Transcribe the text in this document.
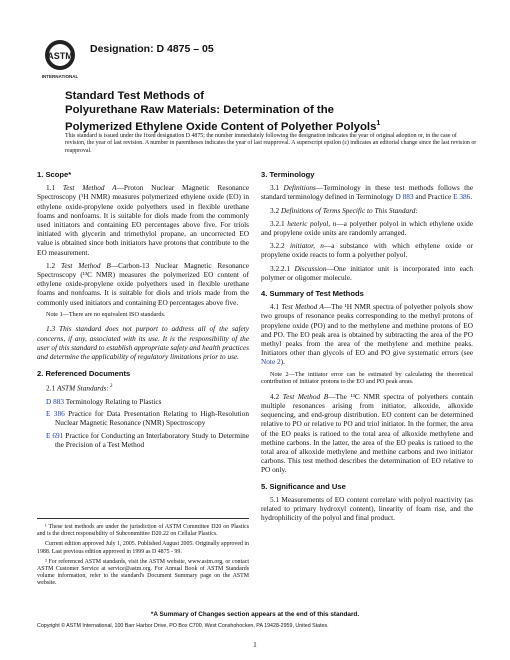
ASTM
INTERNATIONAL
Designation: D 4875 – 05
Standard Test Methods of
Polyurethane Raw Materials: Determination of the
Polymerized Ethylene Oxide Content of Polyether Polyols$^1$
This standard is issued under the fixed designation D 4875; the number immediately following the designation indicates the year of original adoption or, in the case of revision, the year of last revision. A number in parentheses indicates the year of last reapproval. A superscript epsilon (ε) indicates an editorial change since the last revision or reapproval.
1. Scope*

1.1 Test Method A—Proton Nuclear Magnetic Resonance Spectroscopy (¹H NMR) measures polymerized ethylene oxide (EO) in ethylene oxide-propylene oxide polyethers used in flexible urethane foams and nonfoams. It is suitable for diols made from the commonly used initiators and containing EO percentages above five. For triols initiated with glycerin and trimethylol propane, an uncorrected EO value is obtained since both initiators have protons that contribute to the EO measurement.

1.2 Test Method B—Carbon-13 Nuclear Magnetic Resonance Spectroscopy (¹³C NMR) measures the polymerized EO content of ethylene oxide-propylene oxide polyethers used in flexible urethane foams and nonfoams. It is suitable for diols and triols made from the commonly used initiators and containing EO percentages above five.

Note 1—There are no equivalent ISO standards.

1.3 This standard does not purport to address all of the safety concerns, if any, associated with its use. It is the responsibility of the user of this standard to establish appropriate safety and health practices and determine the applicability of regulatory limitations prior to use.

2. Referenced Documents

2.1 ASTM Standards: $^2$

D 883 Terminology Relating to Plastics
E 386 Practice for Data Presentation Relating to High-Resolution Nuclear Magnetic Resonance (NMR) Spectroscopy
E 691 Practice for Conducting an Interlaboratory Study to Determine the Precision of a Test Method

¹ These test methods are under the jurisdiction of ASTM Committee D20 on Plastics and is the direct responsibility of Subcommittee D20.22 on Cellular Plastics.

Current edition approved July 1, 2005. Published August 2005. Originally approved in 1988. Last previous edition approved in 1999 as D 4875 - 99.

² For referenced ASTM standards, visit the ASTM website, www.astm.org, or contact ASTM Customer Service at service@astm.org. For Annual Book of ASTM Standards volume information, refer to the standard's Document Summary page on the ASTM website.

3. Terminology

3.1 Definitions—Terminology in these test methods follows the standard terminology defined in Terminology D 883 and Practice E 386.

3.2 Definitions of Terms Specific to This Standard:

3.2.1 heteric polyol, n—a polyether polyol in which ethylene oxide and propylene oxide units are randomly arranged.

3.2.2 initiator, n—a substance with which ethylene oxide or propylene oxide reacts to form a polyether polyol.

3.2.2.1 Discussion—One initiator unit is incorporated into each polymer or oligomer molecule.

4. Summary of Test Methods

4.1 Test Method A—The ¹H NMR spectra of polyether polyols show two groups of resonance peaks corresponding to the methyl protons of propylene oxide (PO) and to the methylene and methine protons of EO and PO. The EO peak area is obtained by subtracting the area of the PO methyl peaks from the area of the methylene and methine peaks. Initiators other than glycols of EO and PO give systematic errors (see Note 2).

Note 2—The initiator error can be estimated by calculating the theoretical contribution of initiator protons to the EO and PO peak areas.

4.2 Test Method B—The ¹³C NMR spectra of polyethers contain multiple resonances arising from initiator, alkoxide, alkoxide sequencing, and end-group distribution. EO content can be determined relative to PO or relative to PO and triol initiator. In the former, the area of the EO peaks is ratioed to the total area of alkoxide methylene and methine carbons. In the latter, the area of the EO peaks is ratioed to the total area of alkoxide methylene and methine carbons and two initiator carbons. This test method describes the determination of EO relative to PO only.

5. Significance and Use

5.1 Measurements of EO content correlate with polyol reactivity (as related to primary hydroxyl content), linearity of foam rise, and the hydrophilicity of the polyol and final product.

*A Summary of Changes section appears at the end of this standard.
Copyright © ASTM International, 100 Barr Harbor Drive, PO Box C700, West Conshohocken, PA 19428-2959, United States.
1
